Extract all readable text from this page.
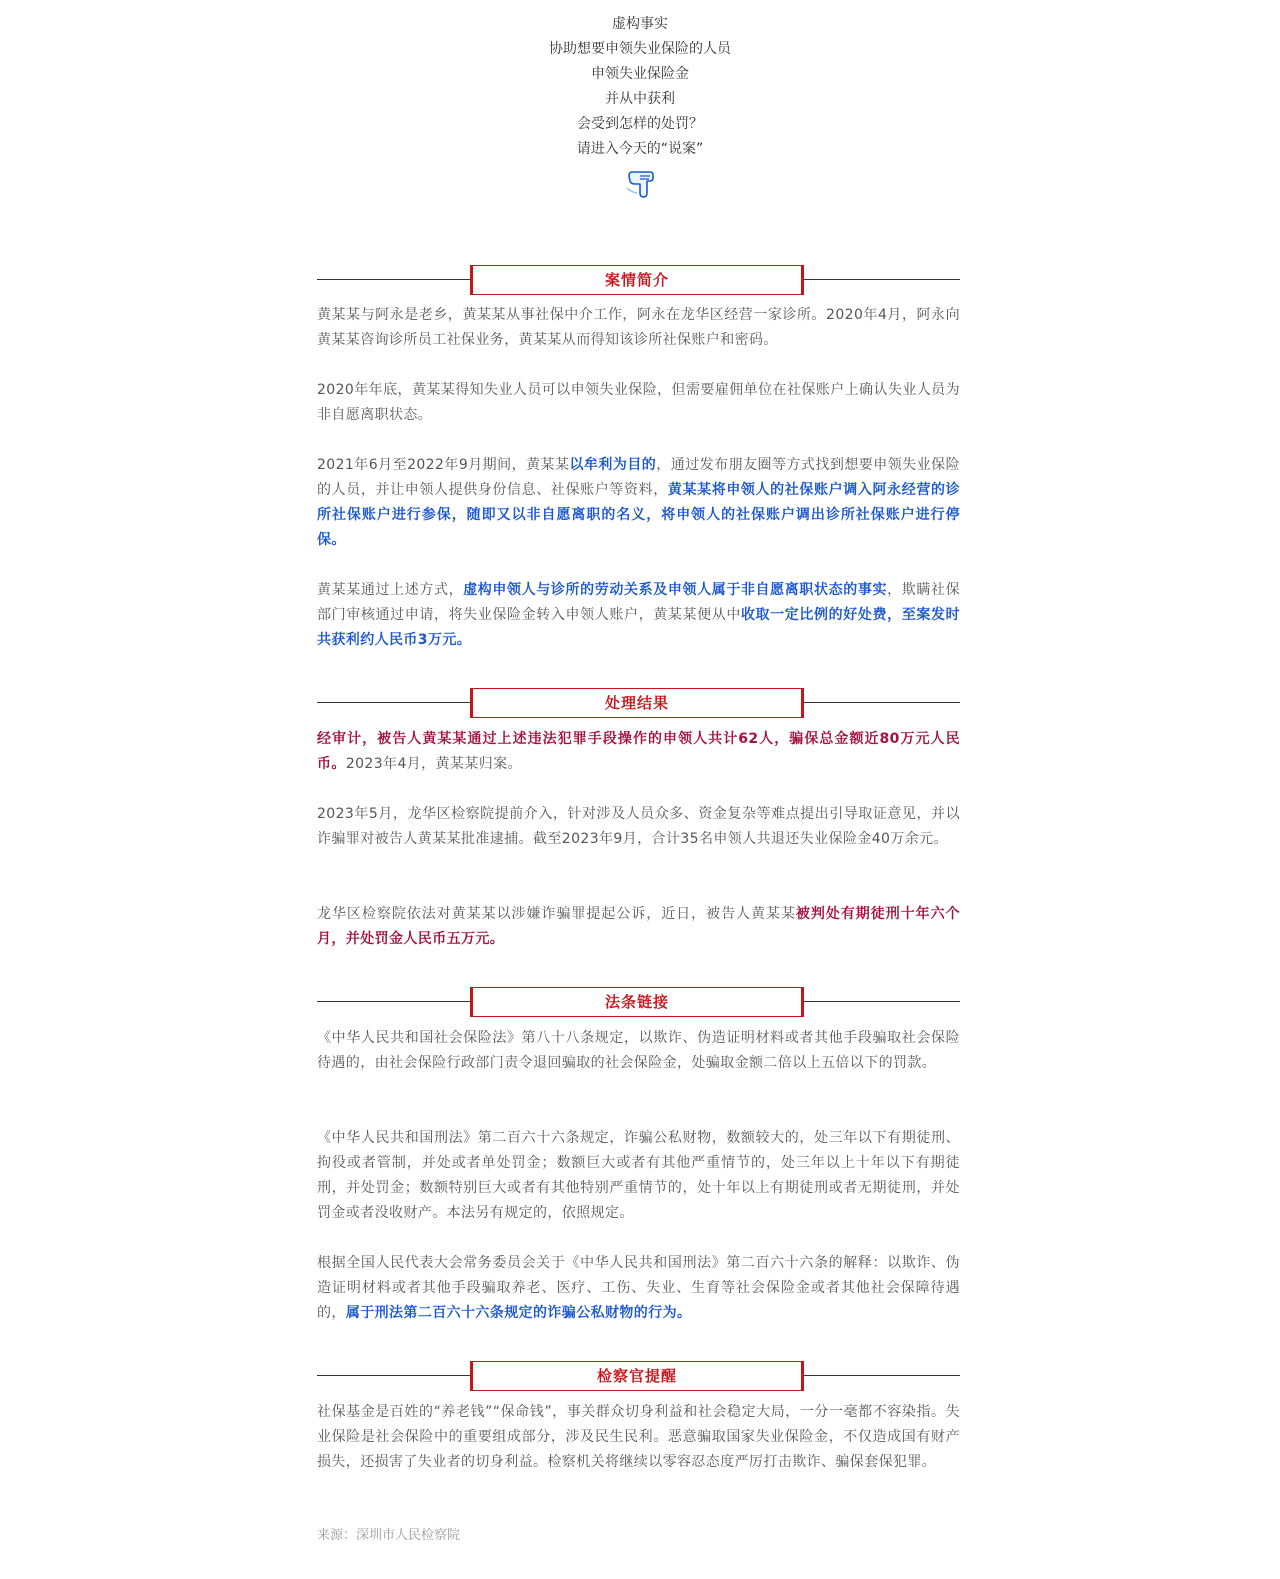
虚构事实
协助想要申领失业保险的人员
申领失业保险金
并从中获利
会受到怎样的处罚？
请进入今天的“说案”
案情简介
黄某某与阿永是老乡，黄某某从事社保中介工作，阿永在龙华区经营一家诊所。2020年4月，阿永向黄某某咨询诊所员工社保业务，黄某某从而得知该诊所社保账户和密码。
2020年年底，黄某某得知失业人员可以申领失业保险，但需要雇佣单位在社保账户上确认失业人员为非自愿离职状态。
2021年6月至2022年9月期间，黄某某以牟利为目的，通过发布朋友圈等方式找到想要申领失业保险的人员，并让申领人提供身份信息、社保账户等资料，黄某某将申领人的社保账户调入阿永经营的诊所社保账户进行参保，随即又以非自愿离职的名义，将申领人的社保账户调出诊所社保账户进行停保。
黄某某通过上述方式，虚构申领人与诊所的劳动关系及申领人属于非自愿离职状态的事实，欺瞒社保部门审核通过申请，将失业保险金转入申领人账户，黄某某便从中收取一定比例的好处费，至案发时共获利约人民币3万元。
处理结果
经审计，被告人黄某某通过上述违法犯罪手段操作的申领人共计62人，骗保总金额近80万元人民币。2023年4月，黄某某归案。
2023年5月，龙华区检察院提前介入，针对涉及人员众多、资金复杂等难点提出引导取证意见，并以诈骗罪对被告人黄某某批准逮捕。截至2023年9月，合计35名申领人共退还失业保险金40万余元。
龙华区检察院依法对黄某某以涉嫌诈骗罪提起公诉，近日，被告人黄某某被判处有期徒刑十年六个月，并处罚金人民币五万元。
法条链接
《中华人民共和国社会保险法》第八十八条规定，以欺诈、伪造证明材料或者其他手段骗取社会保险待遇的，由社会保险行政部门责令退回骗取的社会保险金，处骗取金额二倍以上五倍以下的罚款。
《中华人民共和国刑法》第二百六十六条规定，诈骗公私财物，数额较大的，处三年以下有期徒刑、拘役或者管制，并处或者单处罚金；数额巨大或者有其他严重情节的，处三年以上十年以下有期徒刑，并处罚金；数额特别巨大或者有其他特别严重情节的，处十年以上有期徒刑或者无期徒刑，并处罚金或者没收财产。本法另有规定的，依照规定。
根据全国人民代表大会常务委员会关于《中华人民共和国刑法》第二百六十六条的解释：以欺诈、伪造证明材料或者其他手段骗取养老、医疗、工伤、失业、生育等社会保险金或者其他社会保障待遇的，属于刑法第二百六十六条规定的诈骗公私财物的行为。
检察官提醒
社保基金是百姓的“养老钱”“保命钱”，事关群众切身利益和社会稳定大局，一分一毫都不容染指。失业保险是社会保险中的重要组成部分，涉及民生民利。恶意骗取国家失业保险金，不仅造成国有财产损失，还损害了失业者的切身利益。检察机关将继续以零容忍态度严厉打击欺诈、骗保套保犯罪。
来源：深圳市人民检察院
